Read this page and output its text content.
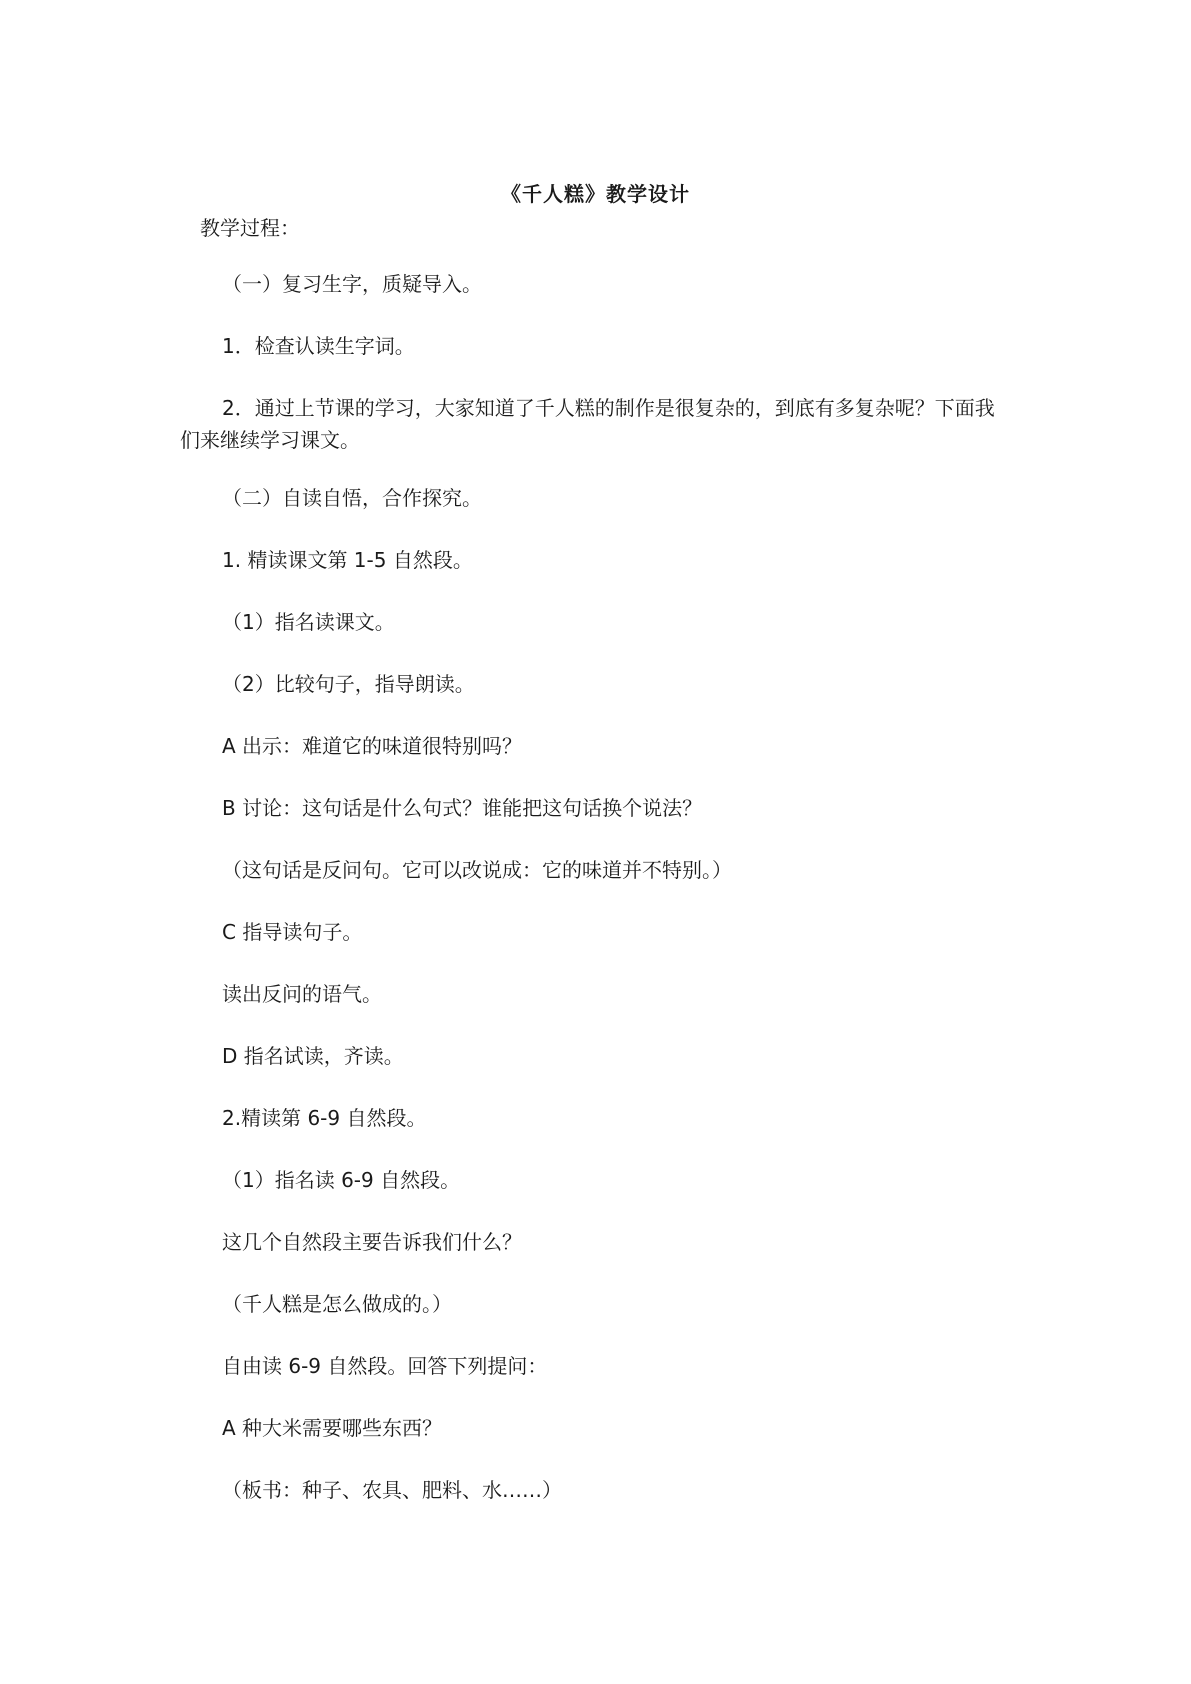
《千人糕》教学设计
教学过程：

（一）复习生字，质疑导入。

1．检查认读生字词。

2．通过上节课的学习，大家知道了千人糕的制作是很复杂的，到底有多复杂呢？下面我们来继续学习课文。

（二）自读自悟，合作探究。

1. 精读课文第 1-5 自然段。

（1）指名读课文。

（2）比较句子，指导朗读。

A 出示：难道它的味道很特别吗？

B 讨论：这句话是什么句式？谁能把这句话换个说法？

（这句话是反问句。它可以改说成：它的味道并不特别。）

C 指导读句子。

读出反问的语气。

D 指名试读，齐读。

2.精读第 6-9 自然段。

（1）指名读 6-9 自然段。

这几个自然段主要告诉我们什么？

（千人糕是怎么做成的。）

自由读 6-9 自然段。回答下列提问：

A 种大米需要哪些东西？

（板书：种子、农具、肥料、水……）
